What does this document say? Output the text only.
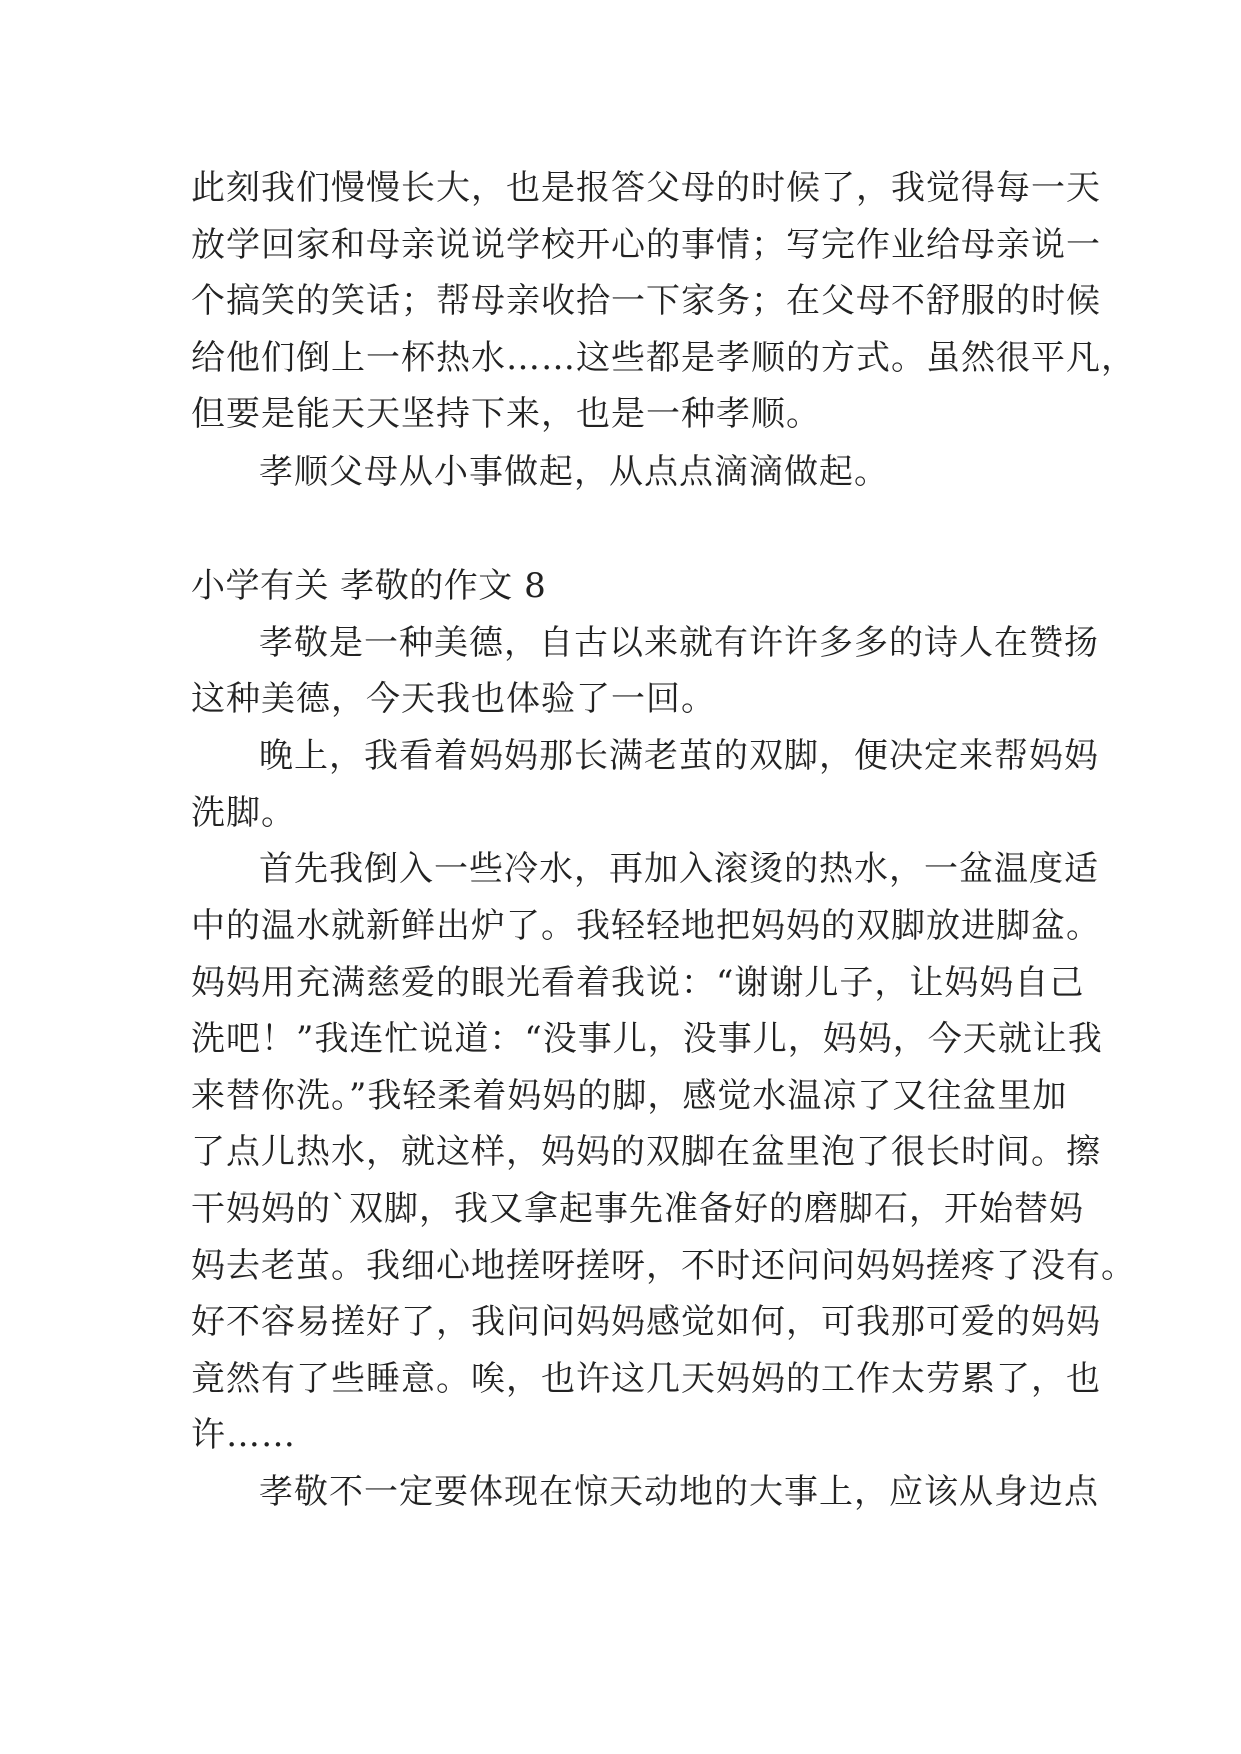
此刻我们慢慢长大，也是报答父母的时候了，我觉得每一天
放学回家和母亲说说学校开心的事情；写完作业给母亲说一
个搞笑的笑话；帮母亲收拾一下家务；在父母不舒服的时候
给他们倒上一杯热水……这些都是孝顺的方式。虽然很平凡，
但要是能天天坚持下来，也是一种孝顺。
孝顺父母从小事做起，从点点滴滴做起。
小学有关 孝敬的作文 8
孝敬是一种美德，自古以来就有许许多多的诗人在赞扬
这种美德，今天我也体验了一回。
晚上，我看着妈妈那长满老茧的双脚，便决定来帮妈妈
洗脚。
首先我倒入一些冷水，再加入滚烫的热水，一盆温度适
中的温水就新鲜出炉了。我轻轻地把妈妈的双脚放进脚盆。
妈妈用充满慈爱的眼光看着我说：“谢谢儿子，让妈妈自己
洗吧！”我连忙说道：“没事儿，没事儿，妈妈，今天就让我
来替你洗。”我轻柔着妈妈的脚，感觉水温凉了又往盆里加
了点儿热水，就这样，妈妈的双脚在盆里泡了很长时间。擦
干妈妈的`双脚，我又拿起事先准备好的磨脚石，开始替妈
妈去老茧。我细心地搓呀搓呀，不时还问问妈妈搓疼了没有。
好不容易搓好了，我问问妈妈感觉如何，可我那可爱的妈妈
竟然有了些睡意。唉，也许这几天妈妈的工作太劳累了，也
许……
孝敬不一定要体现在惊天动地的大事上，应该从身边点
